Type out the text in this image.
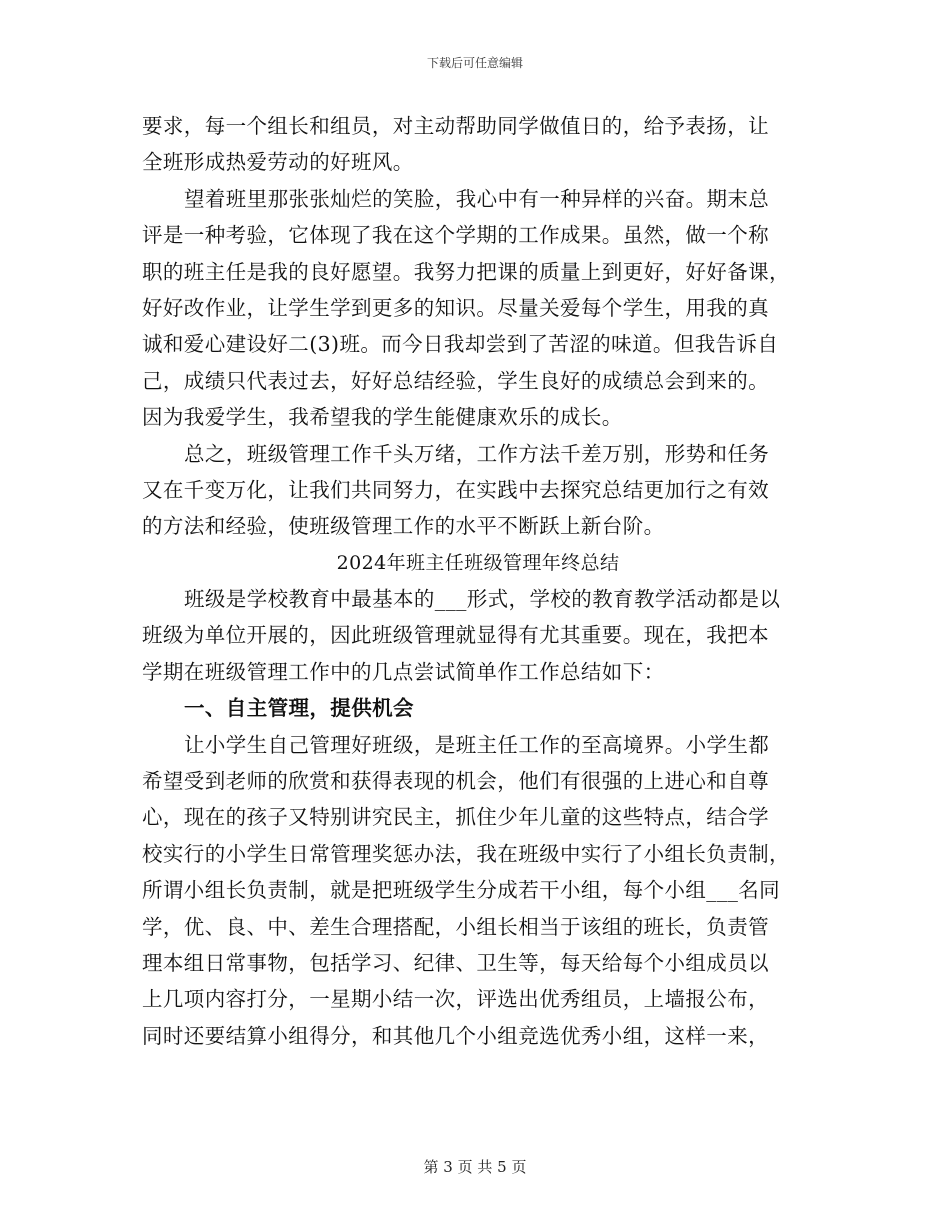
下载后可任意编辑
要求，每一个组长和组员，对主动帮助同学做值日的，给予表扬，让
全班形成热爱劳动的好班风。
望着班里那张张灿烂的笑脸，我心中有一种异样的兴奋。期末总
评是一种考验，它体现了我在这个学期的工作成果。虽然，做一个称
职的班主任是我的良好愿望。我努力把课的质量上到更好，好好备课，
好好改作业，让学生学到更多的知识。尽量关爱每个学生，用我的真
诚和爱心建设好二(3)班。而今日我却尝到了苦涩的味道。但我告诉自
己，成绩只代表过去，好好总结经验，学生良好的成绩总会到来的。
因为我爱学生，我希望我的学生能健康欢乐的成长。
总之，班级管理工作千头万绪，工作方法千差万别，形势和任务
又在千变万化，让我们共同努力，在实践中去探究总结更加行之有效
的方法和经验，使班级管理工作的水平不断跃上新台阶。
2024年班主任班级管理年终总结
班级是学校教育中最基本的___形式，学校的教育教学活动都是以
班级为单位开展的，因此班级管理就显得有尤其重要。现在，我把本
学期在班级管理工作中的几点尝试简单作工作总结如下：
一、自主管理，提供机会
让小学生自己管理好班级，是班主任工作的至高境界。小学生都
希望受到老师的欣赏和获得表现的机会，他们有很强的上进心和自尊
心，现在的孩子又特别讲究民主，抓住少年儿童的这些特点，结合学
校实行的小学生日常管理奖惩办法，我在班级中实行了小组长负责制，
所谓小组长负责制，就是把班级学生分成若干小组，每个小组___名同
学，优、良、中、差生合理搭配，小组长相当于该组的班长，负责管
理本组日常事物，包括学习、纪律、卫生等，每天给每个小组成员以
上几项内容打分，一星期小结一次，评选出优秀组员，上墙报公布，
同时还要结算小组得分，和其他几个小组竞选优秀小组，这样一来，
第 3 页 共 5 页
